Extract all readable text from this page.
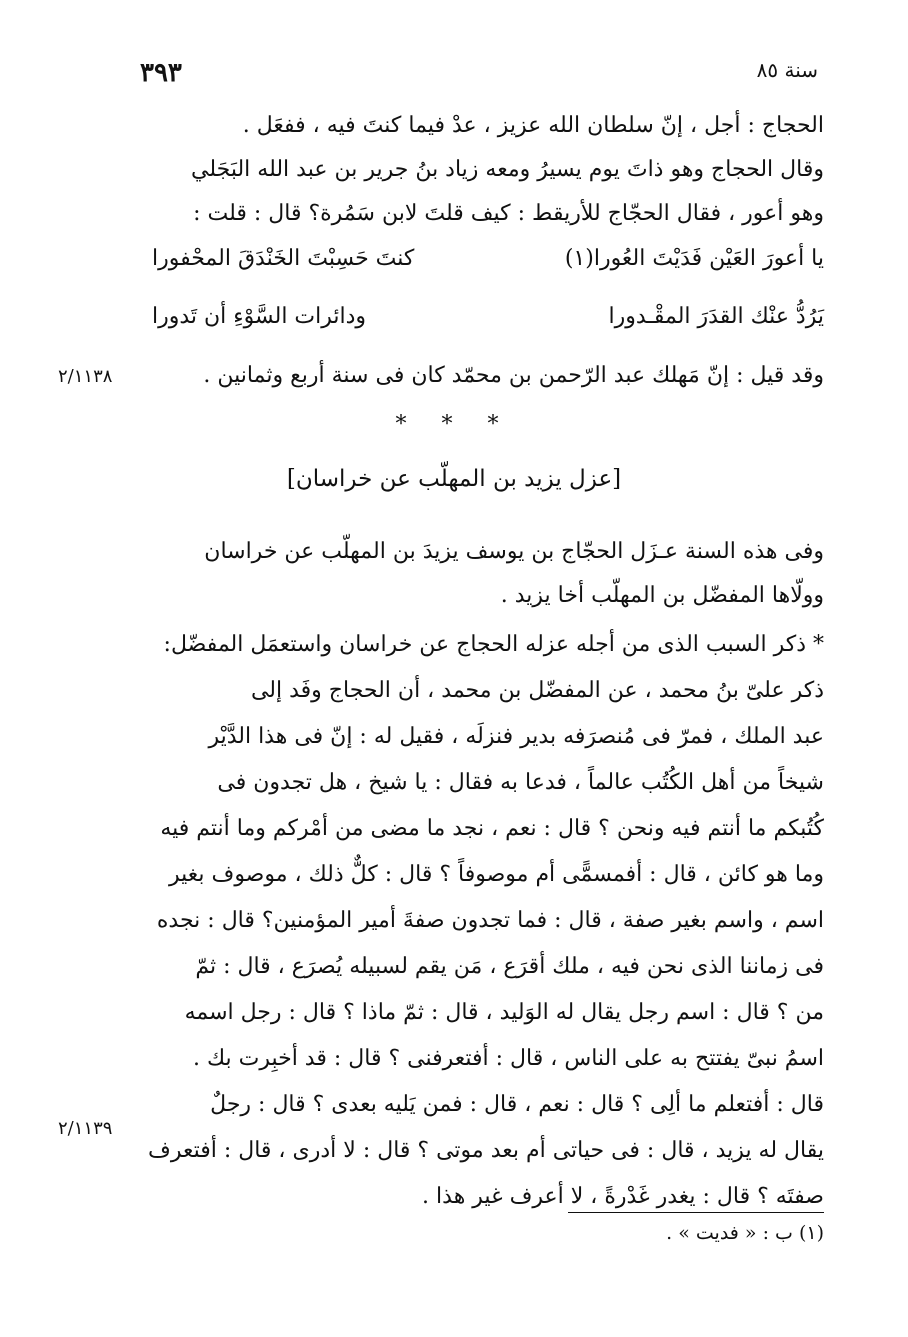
٣٩٣	سنة ٨٥
الحجاج : أجل ، إنّ سلطان الله عزيز ، عدْ فيما كنتَ فيه ، ففعَل .
وقال الحجاج وهو ذاتَ يوم يسيرُ ومعه زياد بنُ جرير بن عبد الله البَجَلي
وهو أعور ، فقال الحجّاج للأريقط : كيف قلتَ لابن سَمُرة؟ قال : قلت :
يا أعورَ العَيْن فَدَيْتَ العُورا(١)
كنتَ حَسِبْتَ الخَنْدَقَ المحْفورا
يَرُدُّ عنْك القدَرَ المقْـدورا
ودائرات السَّوْءِ أن تَدورا
وقد قيل : إنّ مَهلك عبد الرّحمن بن محمّد كان فى سنة أربع وثمانين .
٢/١١٣٨
* * *
[عزل يزيد بن المهلّب عن خراسان]
وفى هذه السنة عـزَل الحجّاج بن يوسف يزيدَ بن المهلّب عن خراسان
وولّاها المفضّل بن المهلّب أخا يزيد .
* ذكر السبب الذى من أجله عزله الحجاج عن خراسان واستعمَل المفضّل:
ذكر علىّ بنُ محمد ، عن المفضّل بن محمد ، أن الحجاج وفَد إلى
عبد الملك ، فمرّ فى مُنصرَفه بدير فنزلَه ، فقيل له : إنّ فى هذا الدَّيْر
شيخاً من أهل الكُتُب عالماً ، فدعا به فقال : يا شيخ ، هل تجدون فى
كُتُبكم ما أنتم فيه ونحن ؟ قال : نعم ، نجد ما مضى من أمْركم وما أنتم فيه
وما هو كائن ، قال : أفمسمًّى أم موصوفاً ؟ قال : كلٌّ ذلك ، موصوف بغير
اسم ، واسم بغير صفة ، قال : فما تجدون صفةَ أمير المؤمنين؟ قال : نجده
فى زماننا الذى نحن فيه ، ملك أقرَع ، مَن يقم لسبيله يُصرَع ، قال : ثمّ
من ؟ قال : اسم رجل يقال له الوَليد ، قال : ثمّ ماذا ؟ قال : رجل اسمه
اسمُ نبىّ يفتتح به على الناس ، قال : أفتعرفنى ؟ قال : قد أخبِرت بك .
قال : أفتعلم ما ألِى ؟ قال : نعم ، قال : فمن يَليه بعدى ؟ قال : رجلٌ
يقال له يزيد ، قال : فى حياتى أم بعد موتى ؟ قال : لا أدرى ، قال : أفتعرف
صفتَه ؟ قال : يغدر غَدْرةً ، لا أعرف غير هذا .
٢/١١٣٩
(١) ب : « فديت » .
